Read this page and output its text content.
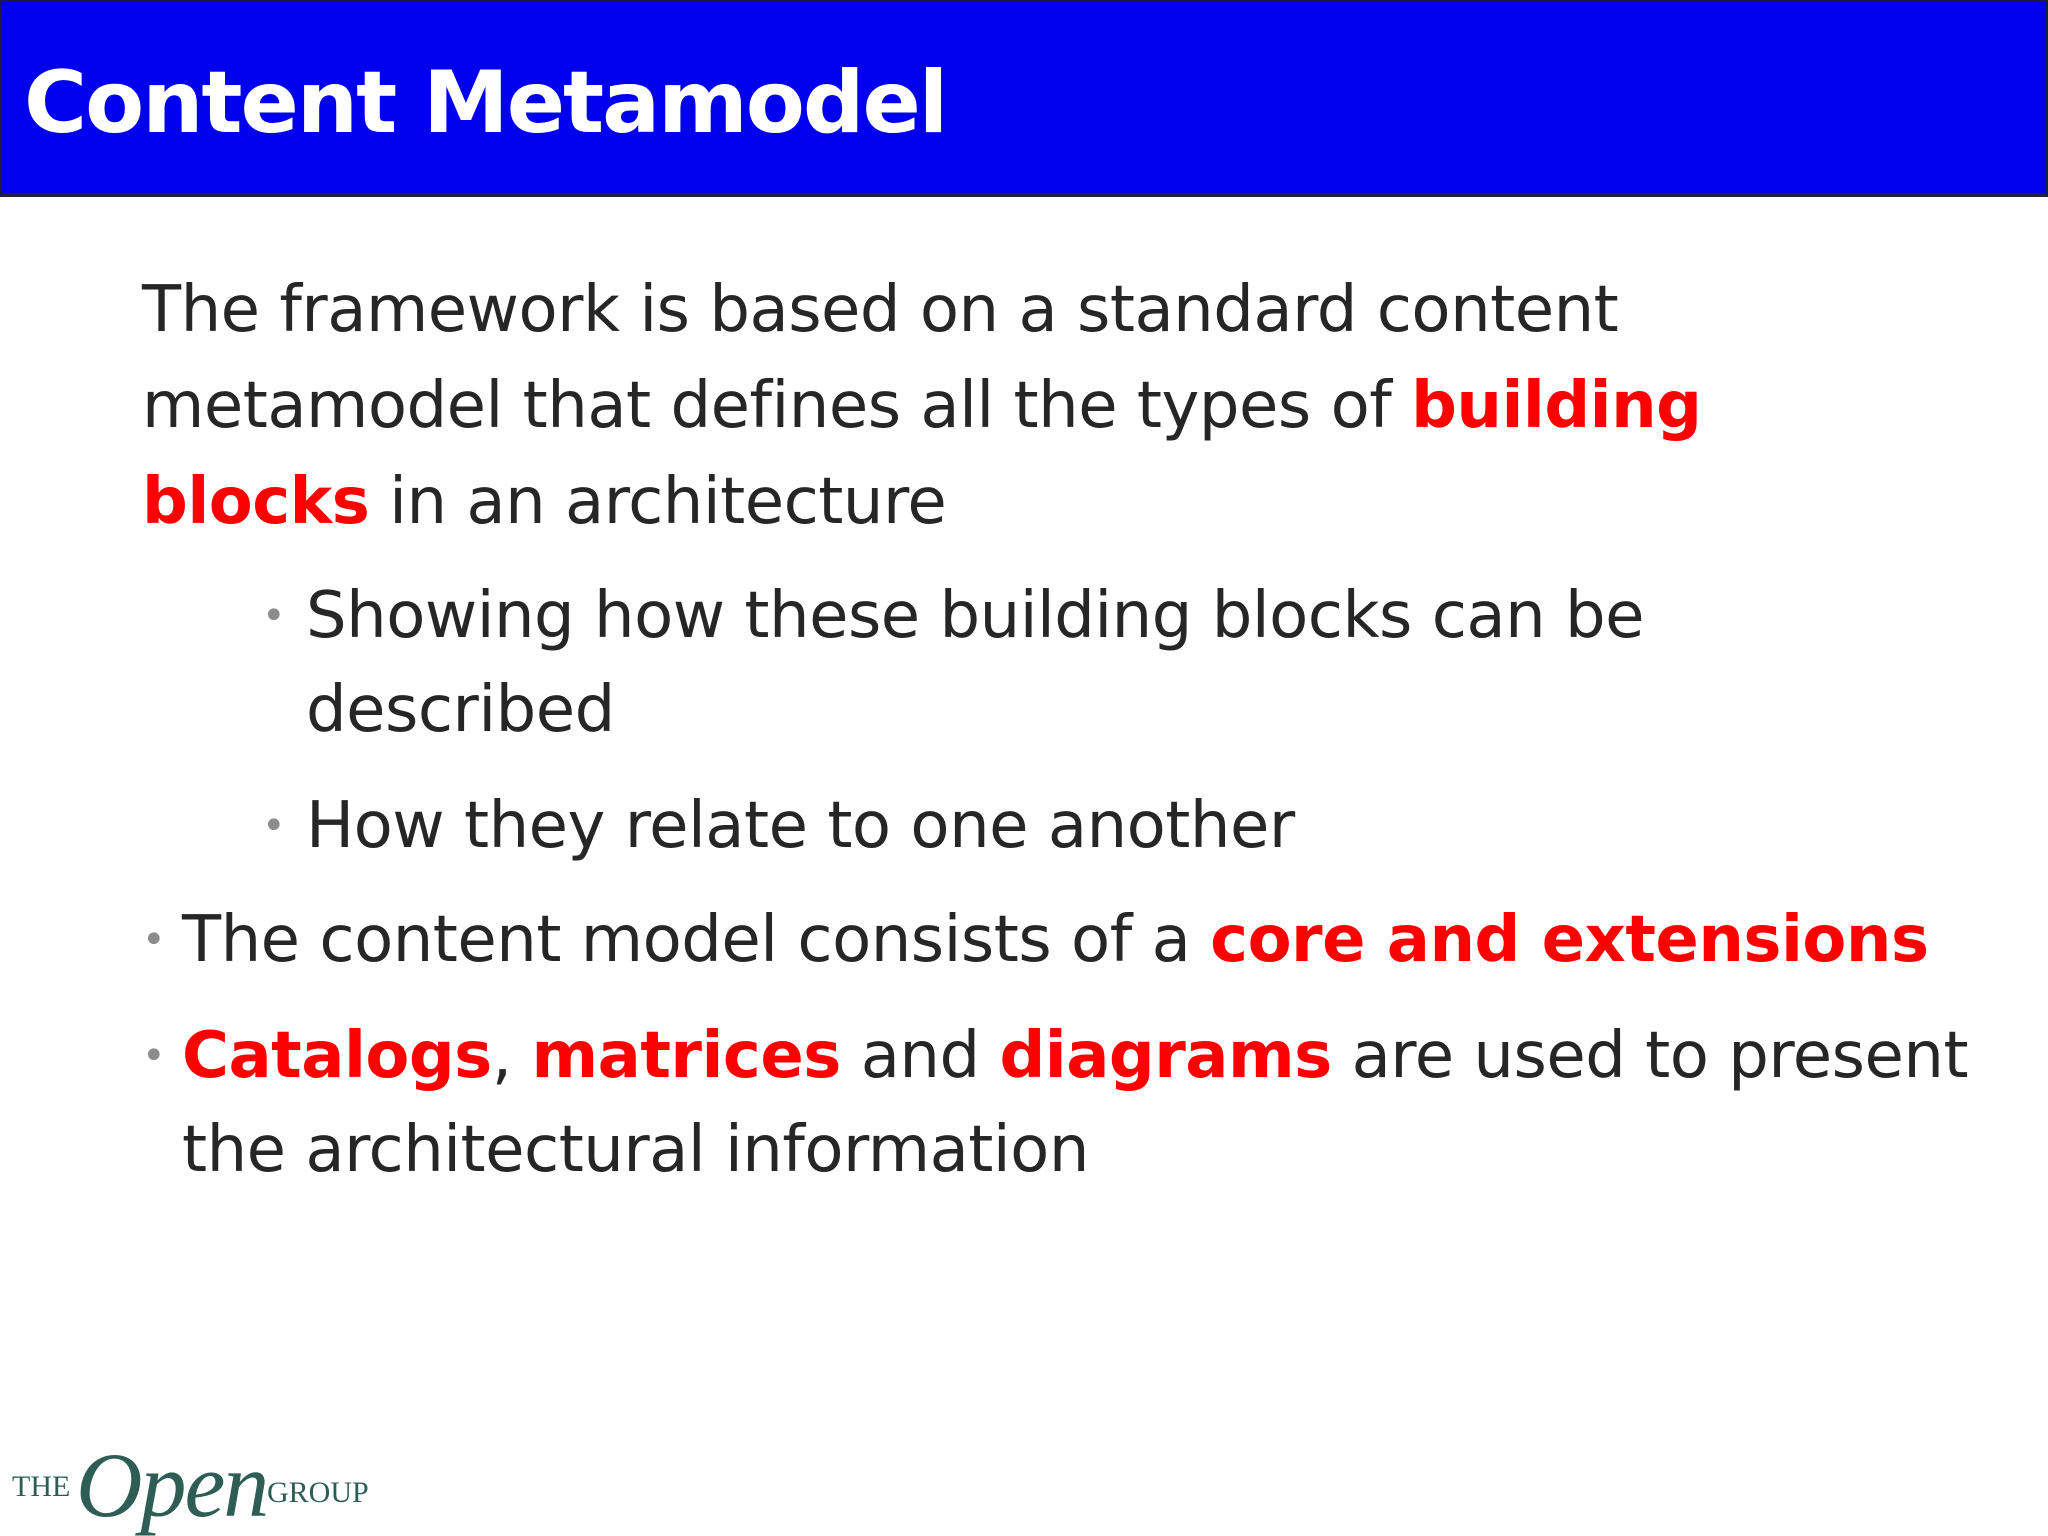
Content Metamodel

The framework is based on a standard content

metamodel that defines all the types of building

blocks in an architecture

• Showing how these building blocks can be

described

• How they relate to one another

• The content model consists of a core and extensions

• Catalogs, matrices and diagrams are used to present

the architectural information

THE Open GROUP
